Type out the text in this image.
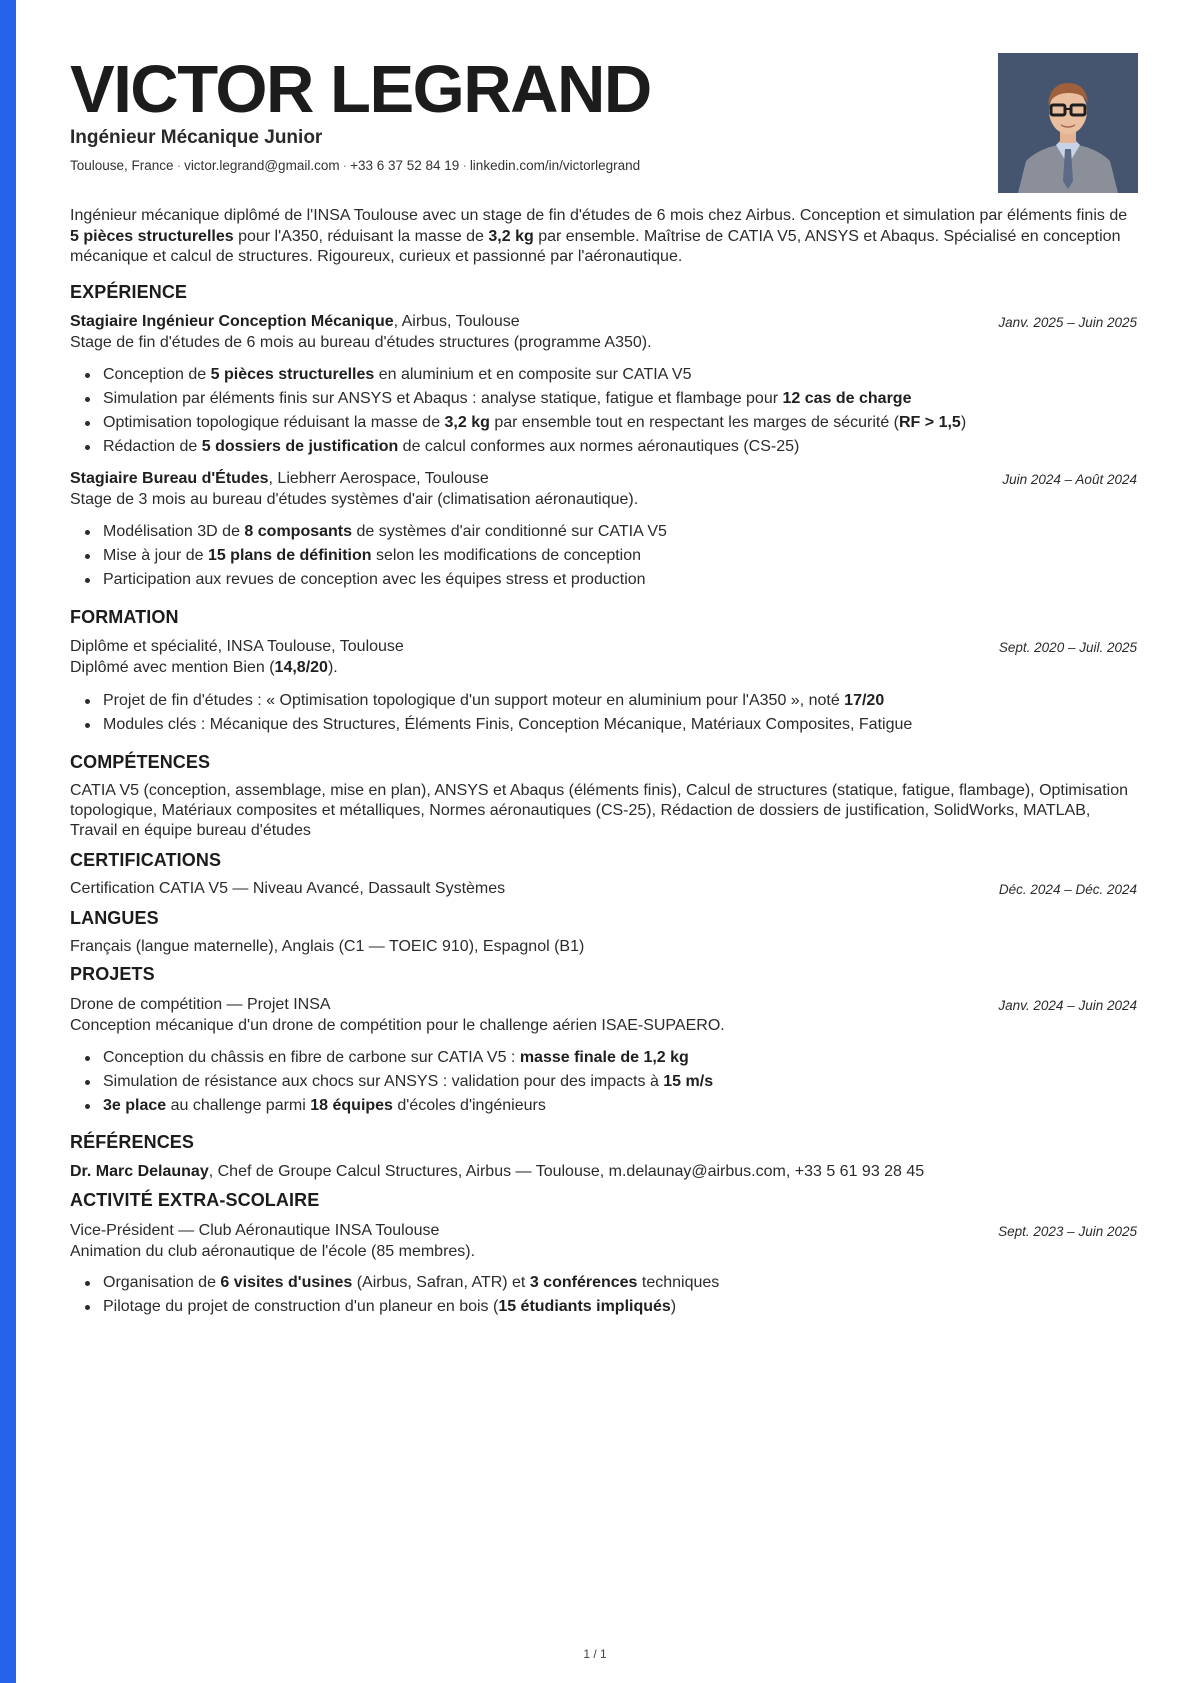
VICTOR LEGRAND
Ingénieur Mécanique Junior
Toulouse, France · victor.legrand@gmail.com · +33 6 37 52 84 19 · linkedin.com/in/victorlegrand
Ingénieur mécanique diplômé de l'INSA Toulouse avec un stage de fin d'études de 6 mois chez Airbus. Conception et simulation par éléments finis de 5 pièces structurelles pour l'A350, réduisant la masse de 3,2 kg par ensemble. Maîtrise de CATIA V5, ANSYS et Abaqus. Spécialisé en conception mécanique et calcul de structures. Rigoureux, curieux et passionné par l'aéronautique.
EXPÉRIENCE
Stagiaire Ingénieur Conception Mécanique, Airbus, Toulouse	Janv. 2025 – Juin 2025
Stage de fin d'études de 6 mois au bureau d'études structures (programme A350).
Conception de 5 pièces structurelles en aluminium et en composite sur CATIA V5
Simulation par éléments finis sur ANSYS et Abaqus : analyse statique, fatigue et flambage pour 12 cas de charge
Optimisation topologique réduisant la masse de 3,2 kg par ensemble tout en respectant les marges de sécurité (RF > 1,5)
Rédaction de 5 dossiers de justification de calcul conformes aux normes aéronautiques (CS-25)
Stagiaire Bureau d'Études, Liebherr Aerospace, Toulouse	Juin 2024 – Août 2024
Stage de 3 mois au bureau d'études systèmes d'air (climatisation aéronautique).
Modélisation 3D de 8 composants de systèmes d'air conditionné sur CATIA V5
Mise à jour de 15 plans de définition selon les modifications de conception
Participation aux revues de conception avec les équipes stress et production
FORMATION
Diplôme et spécialité, INSA Toulouse, Toulouse	Sept. 2020 – Juil. 2025
Diplômé avec mention Bien (14,8/20).
Projet de fin d'études : « Optimisation topologique d'un support moteur en aluminium pour l'A350 », noté 17/20
Modules clés : Mécanique des Structures, Éléments Finis, Conception Mécanique, Matériaux Composites, Fatigue
COMPÉTENCES
CATIA V5 (conception, assemblage, mise en plan), ANSYS et Abaqus (éléments finis), Calcul de structures (statique, fatigue, flambage), Optimisation topologique, Matériaux composites et métalliques, Normes aéronautiques (CS-25), Rédaction de dossiers de justification, SolidWorks, MATLAB, Travail en équipe bureau d'études
CERTIFICATIONS
Certification CATIA V5 — Niveau Avancé, Dassault Systèmes	Déc. 2024 – Déc. 2024
LANGUES
Français (langue maternelle), Anglais (C1 — TOEIC 910), Espagnol (B1)
PROJETS
Drone de compétition — Projet INSA	Janv. 2024 – Juin 2024
Conception mécanique d'un drone de compétition pour le challenge aérien ISAE-SUPAERO.
Conception du châssis en fibre de carbone sur CATIA V5 : masse finale de 1,2 kg
Simulation de résistance aux chocs sur ANSYS : validation pour des impacts à 15 m/s
3e place au challenge parmi 18 équipes d'écoles d'ingénieurs
RÉFÉRENCES
Dr. Marc Delaunay, Chef de Groupe Calcul Structures, Airbus — Toulouse, m.delaunay@airbus.com, +33 5 61 93 28 45
ACTIVITÉ EXTRA-SCOLAIRE
Vice-Président — Club Aéronautique INSA Toulouse	Sept. 2023 – Juin 2025
Animation du club aéronautique de l'école (85 membres).
Organisation de 6 visites d'usines (Airbus, Safran, ATR) et 3 conférences techniques
Pilotage du projet de construction d'un planeur en bois (15 étudiants impliqués)
1 / 1
